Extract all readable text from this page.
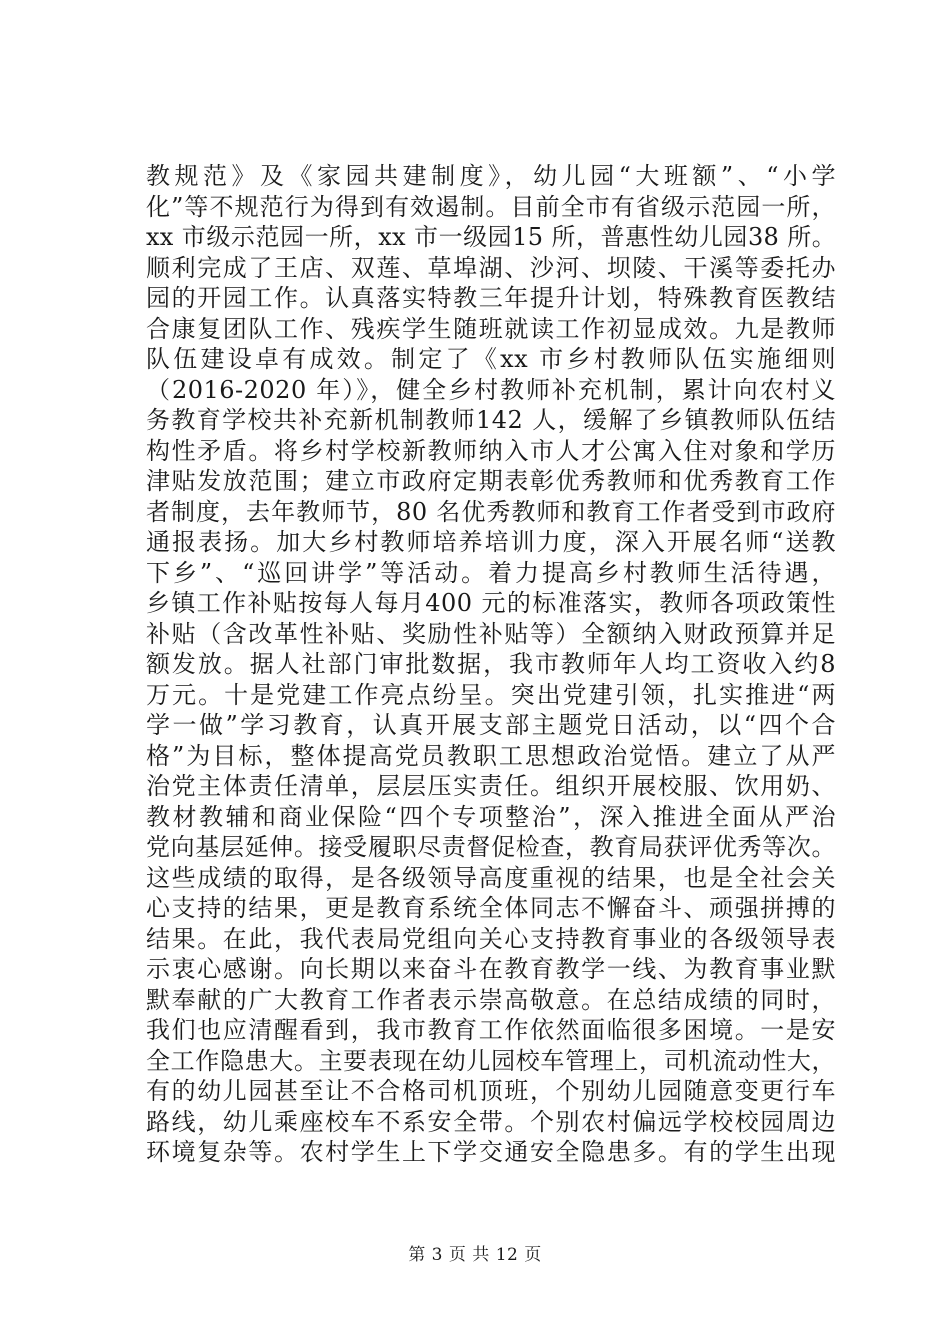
教规范》及《家园共建制度》，幼儿园“大班额”、“小学
化”等不规范行为得到有效遏制。目前全市有省级示范园一所，
xx 市级示范园一所，xx 市一级园15 所，普惠性幼儿园38 所。
顺利完成了王店、双莲、草埠湖、沙河、坝陵、干溪等委托办
园的开园工作。认真落实特教三年提升计划，特殊教育医教结
合康复团队工作、残疾学生随班就读工作初显成效。九是教师
队伍建设卓有成效。制定了《xx 市乡村教师队伍实施细则
（2016-2020 年）》，健全乡村教师补充机制，累计向农村义
务教育学校共补充新机制教师142 人，缓解了乡镇教师队伍结
构性矛盾。将乡村学校新教师纳入市人才公寓入住对象和学历
津贴发放范围；建立市政府定期表彰优秀教师和优秀教育工作
者制度，去年教师节，80 名优秀教师和教育工作者受到市政府
通报表扬。加大乡村教师培养培训力度，深入开展名师“送教
下乡”、“巡回讲学”等活动。着力提高乡村教师生活待遇，
乡镇工作补贴按每人每月400 元的标准落实，教师各项政策性
补贴（含改革性补贴、奖励性补贴等）全额纳入财政预算并足
额发放。据人社部门审批数据，我市教师年人均工资收入约8
万元。十是党建工作亮点纷呈。突出党建引领，扎实推进“两
学一做”学习教育，认真开展支部主题党日活动，以“四个合
格”为目标，整体提高党员教职工思想政治觉悟。建立了从严
治党主体责任清单，层层压实责任。组织开展校服、饮用奶、
教材教辅和商业保险“四个专项整治”，深入推进全面从严治
党向基层延伸。接受履职尽责督促检查，教育局获评优秀等次。
这些成绩的取得，是各级领导高度重视的结果，也是全社会关
心支持的结果，更是教育系统全体同志不懈奋斗、顽强拼搏的
结果。在此，我代表局党组向关心支持教育事业的各级领导表
示衷心感谢。向长期以来奋斗在教育教学一线、为教育事业默
默奉献的广大教育工作者表示崇高敬意。在总结成绩的同时，
我们也应清醒看到，我市教育工作依然面临很多困境。一是安
全工作隐患大。主要表现在幼儿园校车管理上，司机流动性大，
有的幼儿园甚至让不合格司机顶班，个别幼儿园随意变更行车
路线，幼儿乘座校车不系安全带。个别农村偏远学校校园周边
环境复杂等。农村学生上下学交通安全隐患多。有的学生出现
第 3 页 共 12 页
